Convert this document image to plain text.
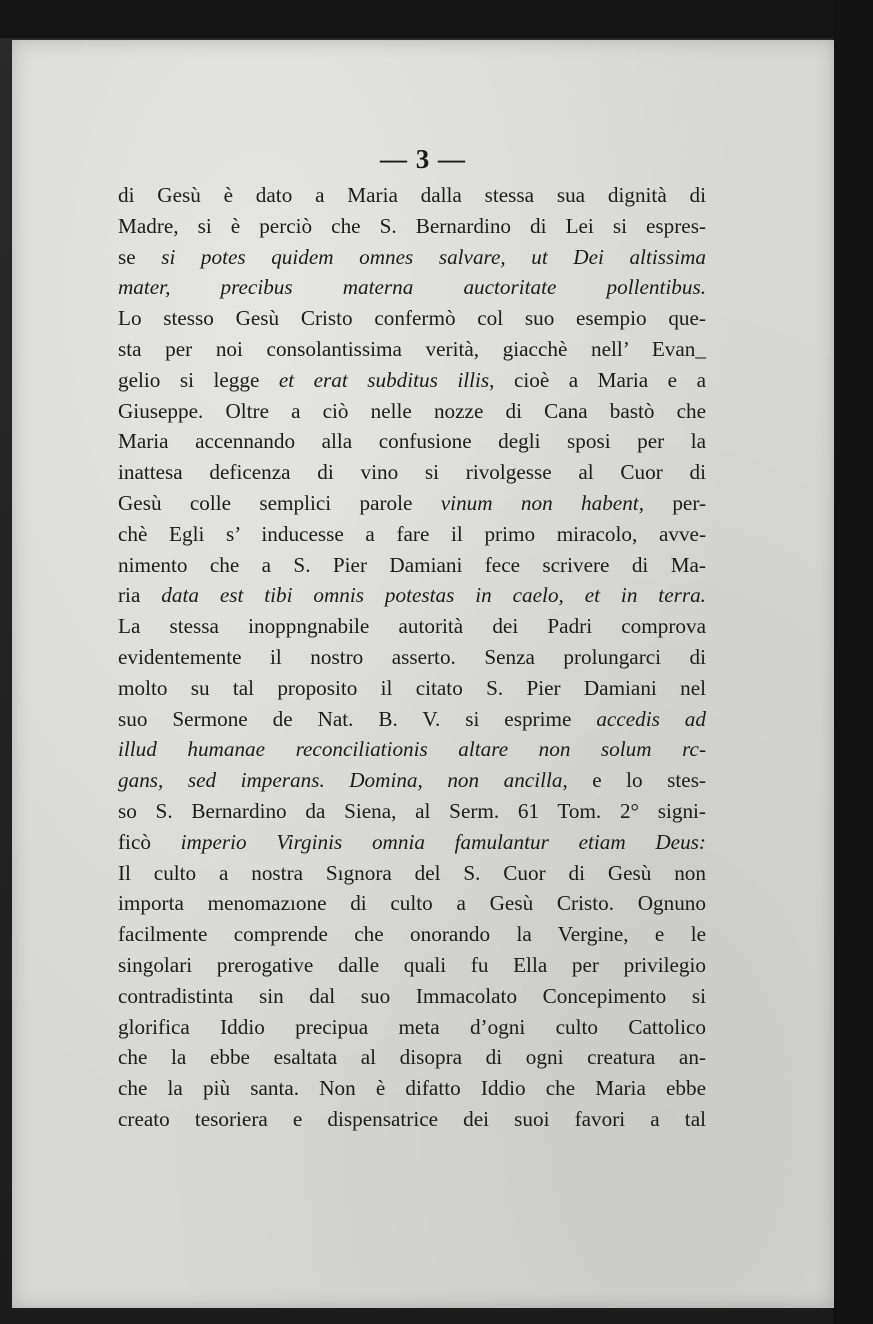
— 3 —
di Gesù è dato a Maria dalla stessa sua dignità di
Madre, si è perciò che S. Bernardino di Lei si espres-
se si potes quidem omnes salvare, ut Dei altissima
mater, precibus materna auctoritate pollentibus.
Lo stesso Gesù Cristo confermò col suo esempio que-
sta per noi consolantissima verità, giacchè nell’ Evan_
gelio si legge et erat subditus illis, cioè a Maria e a
Giuseppe. Oltre a ciò nelle nozze di Cana bastò che
Maria accennando alla confusione degli sposi per la
inattesa deficenza di vino si rivolgesse al Cuor di
Gesù colle semplici parole vinum non habent, per-
chè Egli s’ inducesse a fare il primo miracolo, avve-
nimento che a S. Pier Damiani fece scrivere di Ma-
ria data est tibi omnis potestas in caelo, et in terra.
La stessa inoppngnabile autorità dei Padri comprova
evidentemente il nostro asserto. Senza prolungarci di
molto su tal proposito il citato S. Pier Damiani nel
suo Sermone de Nat. B. V. si esprime accedis ad
illud humanae reconciliationis altare non solum rc-
gans, sed imperans. Domina, non ancilla, e lo stes-
so S. Bernardino da Siena, al Serm. 61 Tom. 2° signi-
ficò imperio Virginis omnia famulantur etiam Deus:
Il culto a nostra Sıgnora del S. Cuor di Gesù non
importa menomazıone di culto a Gesù Cristo. Ognuno
facilmente comprende che onorando la Vergine, e le
singolari prerogative dalle quali fu Ella per privilegio
contradistinta sin dal suo Immacolato Concepimento si
glorifica Iddio precipua meta d’ogni culto Cattolico
che la ebbe esaltata al disopra di ogni creatura an-
che la più santa. Non è difatto Iddio che Maria ebbe
creato tesoriera e dispensatrice dei suoi favori a tal
